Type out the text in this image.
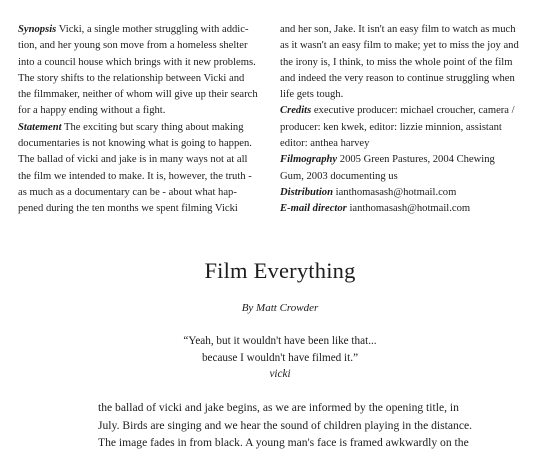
Synopsis Vicki, a single mother struggling with addic-
tion, and her young son move from a homeless shelter
into a council house which brings with it new problems.
The story shifts to the relationship between Vicki and
the filmmaker, neither of whom will give up their search
for a happy ending without a fight.
Statement The exciting but scary thing about making
documentaries is not knowing what is going to happen.
The ballad of vicki and jake is in many ways not at all
the film we intended to make. It is, however, the truth -
as much as a documentary can be - about what hap-
pened during the ten months we spent filming Vicki
and her son, Jake. It isn't an easy film to watch as much
as it wasn't an easy film to make; yet to miss the joy and
the irony is, I think, to miss the whole point of the film
and indeed the very reason to continue struggling when
life gets tough.
Credits executive producer: michael croucher, camera /
producer: ken kwek, editor: lizzie minnion, assistant
editor: anthea harvey
Filmography 2005 Green Pastures, 2004 Chewing
Gum, 2003 documenting us
Distribution ianthomasash@hotmail.com
E-mail director ianthomasash@hotmail.com
Film Everything
By Matt Crowder
“Yeah, but it wouldn't have been like that...
because I wouldn't have filmed it.”
vicki
the ballad of vicki and jake begins, as we are informed by the opening title, in
July. Birds are singing and we hear the sound of children playing in the distance.
The image fades in from black. A young man's face is framed awkwardly on the
